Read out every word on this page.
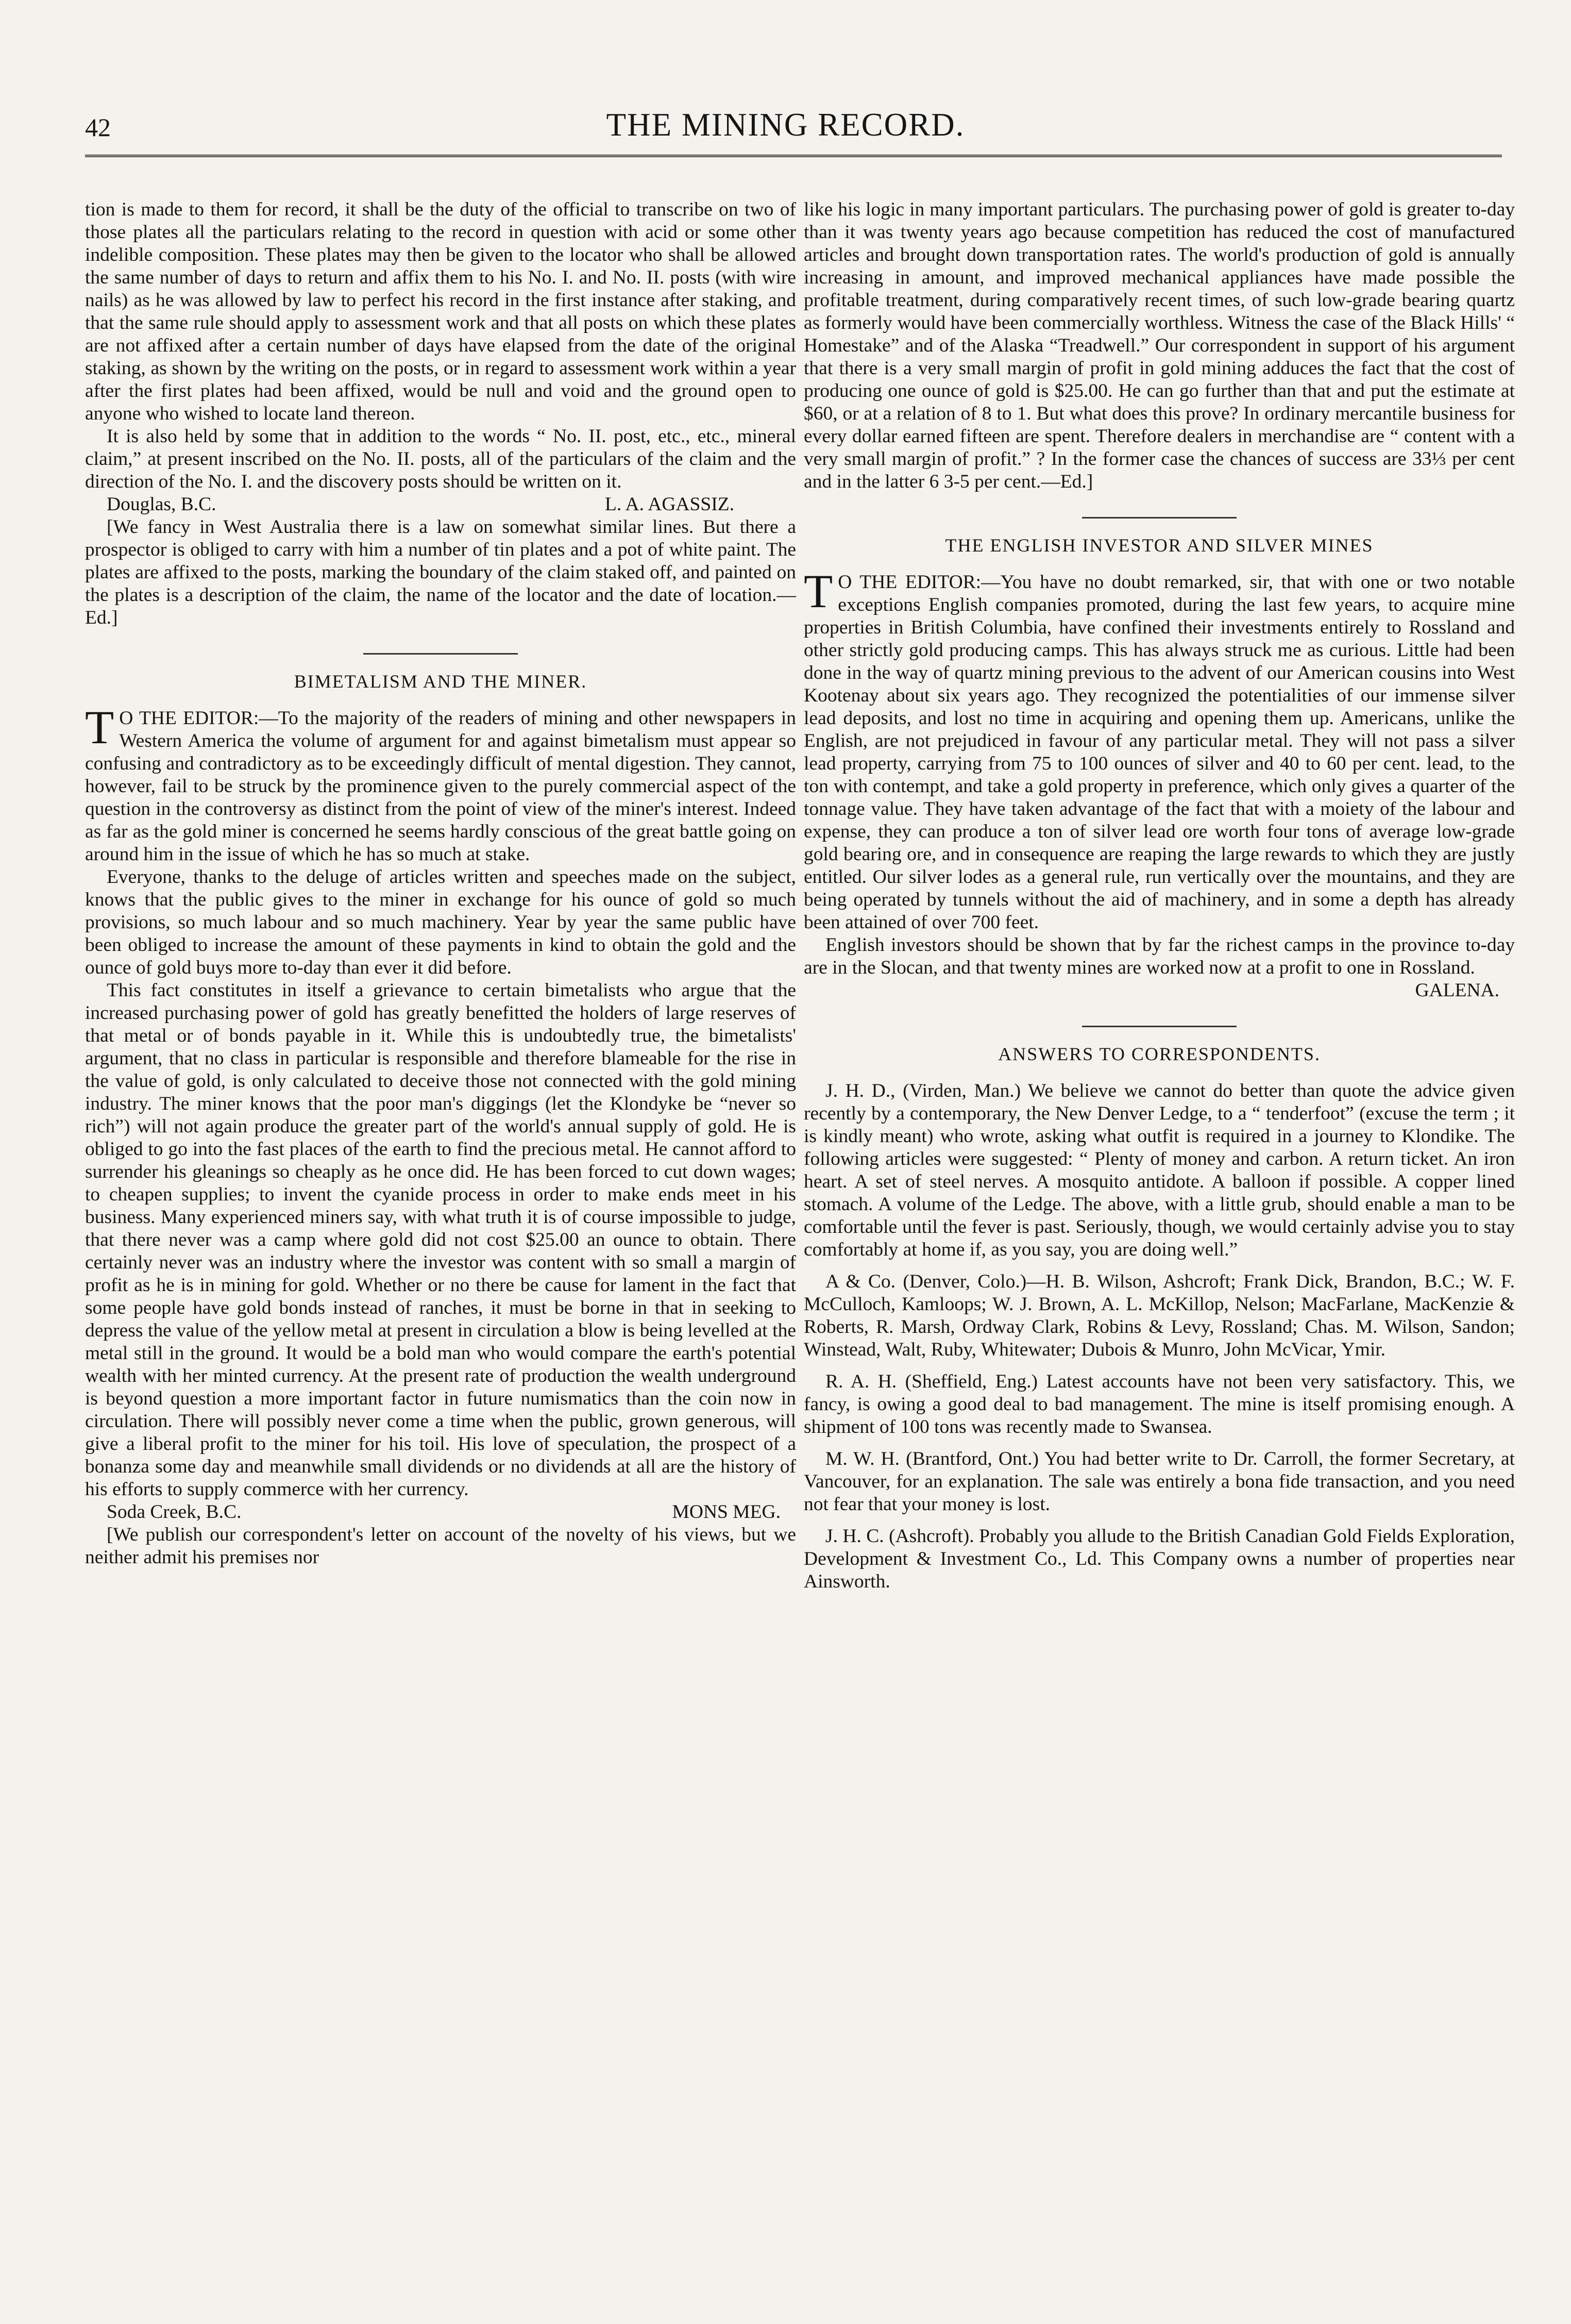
42	THE MINING RECORD.

tion is made to them for record, it shall be the duty of the official to transcribe on two of those plates all the particulars relating to the record in question with acid or some other indelible composition. These plates may then be given to the locator who shall be allowed the same number of days to return and affix them to his No. I. and No. II. posts (with wire nails) as he was allowed by law to perfect his record in the first instance after staking, and that the same rule should apply to assessment work and that all posts on which these plates are not affixed after a certain number of days have elapsed from the date of the original staking, as shown by the writing on the posts, or in regard to assessment work within a year after the first plates had been affixed, would be null and void and the ground open to anyone who wished to locate land thereon.

It is also held by some that in addition to the words “ No. II. post, etc., etc., mineral claim,” at present inscribed on the No. II. posts, all of the particulars of the claim and the direction of the No. I. and the discovery posts should be written on it.

Douglas, B.C.	L. A. AGASSIZ.

[We fancy in West Australia there is a law on somewhat similar lines. But there a prospector is obliged to carry with him a number of tin plates and a pot of white paint. The plates are affixed to the posts, marking the boundary of the claim staked off, and painted on the plates is a description of the claim, the name of the locator and the date of location.—Ed.]

BIMETALISM AND THE MINER.

T O THE EDITOR:—To the majority of the readers of mining and other newspapers in Western America the volume of argument for and against bimetalism must appear so confusing and contradictory as to be exceedingly difficult of mental digestion. They cannot, however, fail to be struck by the prominence given to the purely commercial aspect of the question in the controversy as distinct from the point of view of the miner's interest. Indeed as far as the gold miner is concerned he seems hardly conscious of the great battle going on around him in the issue of which he has so much at stake.

Everyone, thanks to the deluge of articles written and speeches made on the subject, knows that the public gives to the miner in exchange for his ounce of gold so much provisions, so much labour and so much machinery. Year by year the same public have been obliged to increase the amount of these payments in kind to obtain the gold and the ounce of gold buys more to-day than ever it did before.

This fact constitutes in itself a grievance to certain bimetalists who argue that the increased purchasing power of gold has greatly benefitted the holders of large reserves of that metal or of bonds payable in it. While this is undoubtedly true, the bimetalists' argument, that no class in particular is responsible and therefore blameable for the rise in the value of gold, is only calculated to deceive those not connected with the gold mining industry. The miner knows that the poor man's diggings (let the Klondyke be “never so rich”) will not again produce the greater part of the world's annual supply of gold. He is obliged to go into the fast places of the earth to find the precious metal. He cannot afford to surrender his gleanings so cheaply as he once did. He has been forced to cut down wages; to cheapen supplies; to invent the cyanide process in order to make ends meet in his business. Many experienced miners say, with what truth it is of course impossible to judge, that there never was a camp where gold did not cost $25.00 an ounce to obtain. There certainly never was an industry where the investor was content with so small a margin of profit as he is in mining for gold. Whether or no there be cause for lament in the fact that some people have gold bonds instead of ranches, it must be borne in that in seeking to depress the value of the yellow metal at present in circulation a blow is being levelled at the metal still in the ground. It would be a bold man who would compare the earth's potential wealth with her minted currency. At the present rate of production the wealth underground is beyond question a more important factor in future numismatics than the coin now in circulation. There will possibly never come a time when the public, grown generous, will give a liberal profit to the miner for his toil. His love of speculation, the prospect of a bonanza some day and meanwhile small dividends or no dividends at all are the history of his efforts to supply commerce with her currency.

Soda Creek, B.C.	MONS MEG.

[We publish our correspondent's letter on account of the novelty of his views, but we neither admit his premises nor

like his logic in many important particulars. The purchasing power of gold is greater to-day than it was twenty years ago because competition has reduced the cost of manufactured articles and brought down transportation rates. The world's production of gold is annually increasing in amount, and improved mechanical appliances have made possible the profitable treatment, during comparatively recent times, of such low-grade bearing quartz as formerly would have been commercially worthless. Witness the case of the Black Hills' “ Homestake” and of the Alaska “Treadwell.” Our correspondent in support of his argument that there is a very small margin of profit in gold mining adduces the fact that the cost of producing one ounce of gold is $25.00. He can go further than that and put the estimate at $60, or at a relation of 8 to 1. But what does this prove? In ordinary mercantile business for every dollar earned fifteen are spent. Therefore dealers in merchandise are “ content with a very small margin of profit.” ? In the former case the chances of success are 33⅓ per cent and in the latter 6 3-5 per cent.—Ed.]

THE ENGLISH INVESTOR AND SILVER MINES

T O THE EDITOR:—You have no doubt remarked, sir, that with one or two notable exceptions English companies promoted, during the last few years, to acquire mine properties in British Columbia, have confined their investments entirely to Rossland and other strictly gold producing camps. This has always struck me as curious. Little had been done in the way of quartz mining previous to the advent of our American cousins into West Kootenay about six years ago. They recognized the potentialities of our immense silver lead deposits, and lost no time in acquiring and opening them up. Americans, unlike the English, are not prejudiced in favour of any particular metal. They will not pass a silver lead property, carrying from 75 to 100 ounces of silver and 40 to 60 per cent. lead, to the ton with contempt, and take a gold property in preference, which only gives a quarter of the tonnage value. They have taken advantage of the fact that with a moiety of the labour and expense, they can produce a ton of silver lead ore worth four tons of average low-grade gold bearing ore, and in consequence are reaping the large rewards to which they are justly entitled. Our silver lodes as a general rule, run vertically over the mountains, and they are being operated by tunnels without the aid of machinery, and in some a depth has already been attained of over 700 feet.

English investors should be shown that by far the richest camps in the province to-day are in the Slocan, and that twenty mines are worked now at a profit to one in Rossland.

GALENA.
ANSWERS TO CORRESPONDENTS.

J. H. D., (Virden, Man.) We believe we cannot do better than quote the advice given recently by a contemporary, the New Denver Ledge, to a “ tenderfoot” (excuse the term ; it is kindly meant) who wrote, asking what outfit is required in a journey to Klondike. The following articles were suggested: “ Plenty of money and carbon. A return ticket. An iron heart. A set of steel nerves. A mosquito antidote. A balloon if possible. A copper lined stomach. A volume of the Ledge. The above, with a little grub, should enable a man to be comfortable until the fever is past. Seriously, though, we would certainly advise you to stay comfortably at home if, as you say, you are doing well.”

A & Co. (Denver, Colo.)—H. B. Wilson, Ashcroft; Frank Dick, Brandon, B.C.; W. F. McCulloch, Kamloops; W. J. Brown, A. L. McKillop, Nelson; MacFarlane, MacKenzie & Roberts, R. Marsh, Ordway Clark, Robins & Levy, Rossland; Chas. M. Wilson, Sandon; Winstead, Walt, Ruby, Whitewater; Dubois & Munro, John McVicar, Ymir.

R. A. H. (Sheffield, Eng.) Latest accounts have not been very satisfactory. This, we fancy, is owing a good deal to bad management. The mine is itself promising enough. A shipment of 100 tons was recently made to Swansea.

M. W. H. (Brantford, Ont.) You had better write to Dr. Carroll, the former Secretary, at Vancouver, for an explanation. The sale was entirely a bona fide transaction, and you need not fear that your money is lost.

J. H. C. (Ashcroft). Probably you allude to the British Canadian Gold Fields Exploration, Development & Investment Co., Ld. This Company owns a number of properties near Ainsworth.
